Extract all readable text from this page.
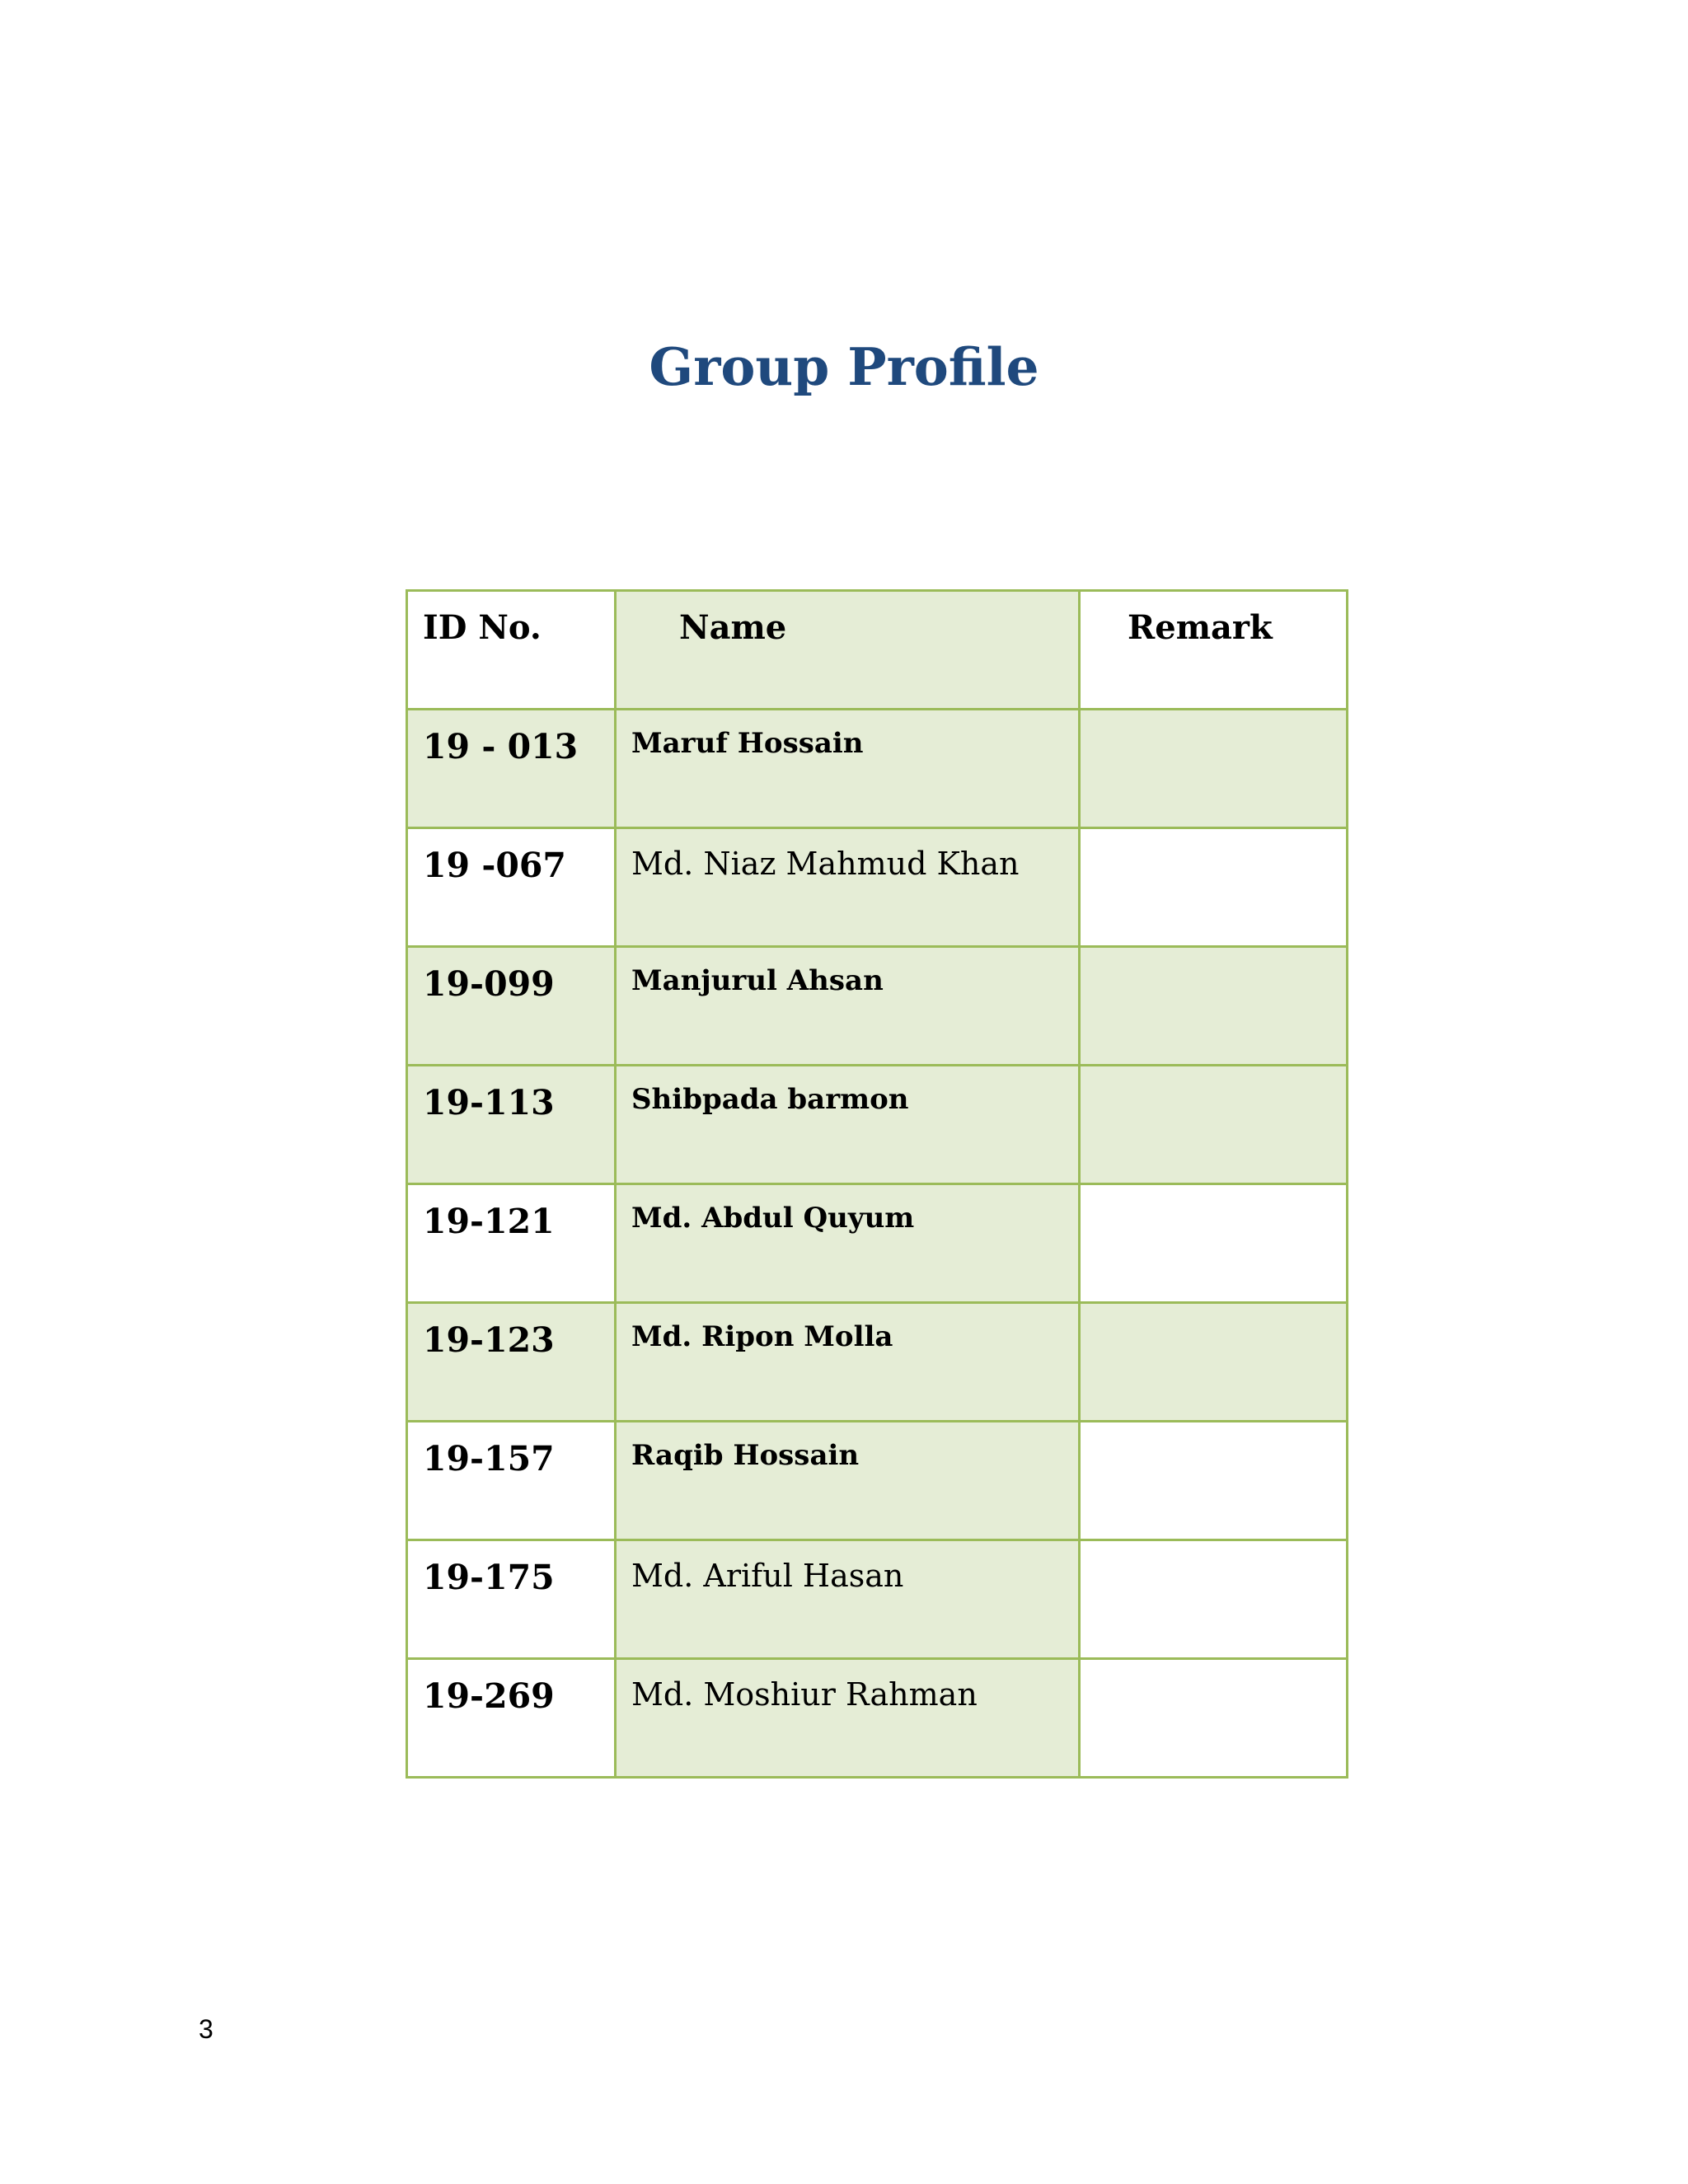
Group Profile
ID No.	Name	Remark

19 - 013	Maruf Hossain	

19 -067	Md. Niaz Mahmud Khan	

19-099	Manjurul Ahsan	

19-113	Shibpada barmon	

19-121	Md. Abdul Quyum	

19-123	Md. Ripon Molla	

19-157	Raqib Hossain	

19-175	Md. Ariful Hasan	

19-269	Md. Moshiur Rahman	

3
